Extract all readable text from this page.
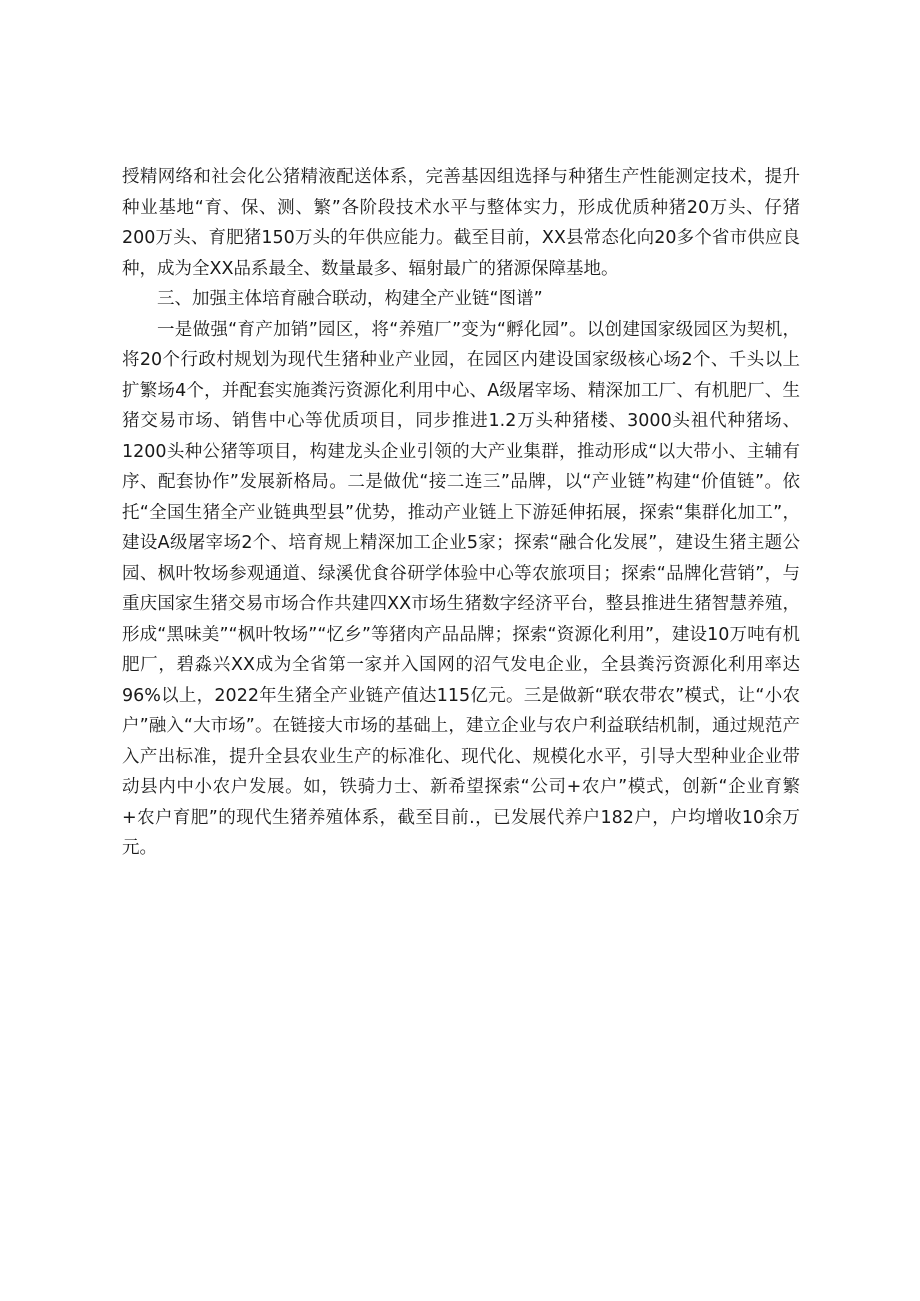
授精网络和社会化公猪精液配送体系，完善基因组选择与种猪生产性能测定技术，提升种业基地“育、保、测、繁”各阶段技术水平与整体实力，形成优质种猪20万头、仔猪200万头、育肥猪150万头的年供应能力。截至目前，XX县常态化向20多个省市供应良种，成为全XX品系最全、数量最多、辐射最广的猪源保障基地。

三、加强主体培育融合联动，构建全产业链“图谱”

一是做强“育产加销”园区，将“养殖厂”变为“孵化园”。以创建国家级园区为契机，将20个行政村规划为现代生猪种业产业园，在园区内建设国家级核心场2个、千头以上扩繁场4个，并配套实施粪污资源化利用中心、A级屠宰场、精深加工厂、有机肥厂、生猪交易市场、销售中心等优质项目，同步推进1.2万头种猪楼、3000头祖代种猪场、1200头种公猪等项目，构建龙头企业引领的大产业集群，推动形成“以大带小、主辅有序、配套协作”发展新格局。二是做优“接二连三”品牌，以“产业链”构建“价值链”。依托“全国生猪全产业链典型县”优势，推动产业链上下游延伸拓展，探索“集群化加工”，建设A级屠宰场2个、培育规上精深加工企业5家；探索“融合化发展”，建设生猪主题公园、枫叶牧场参观通道、绿溪优食谷研学体验中心等农旅项目；探索“品牌化营销”，与重庆国家生猪交易市场合作共建四XX市场生猪数字经济平台，整县推进生猪智慧养殖，形成“黑味美”“枫叶牧场”“忆乡”等猪肉产品品牌；探索“资源化利用”，建设10万吨有机肥厂，碧淼兴XX成为全省第一家并入国网的沼气发电企业，全县粪污资源化利用率达96%以上，2022年生猪全产业链产值达115亿元。三是做新“联农带农”模式，让“小农户”融入“大市场”。在链接大市场的基础上，建立企业与农户利益联结机制，通过规范产入产出标准，提升全县农业生产的标准化、现代化、规模化水平，引导大型种业企业带动县内中小农户发展。如，铁骑力士、新希望探索“公司+农户”模式，创新“企业育繁+农户育肥”的现代生猪养殖体系，截至目前.，已发展代养户182户，户均增收10余万元。
